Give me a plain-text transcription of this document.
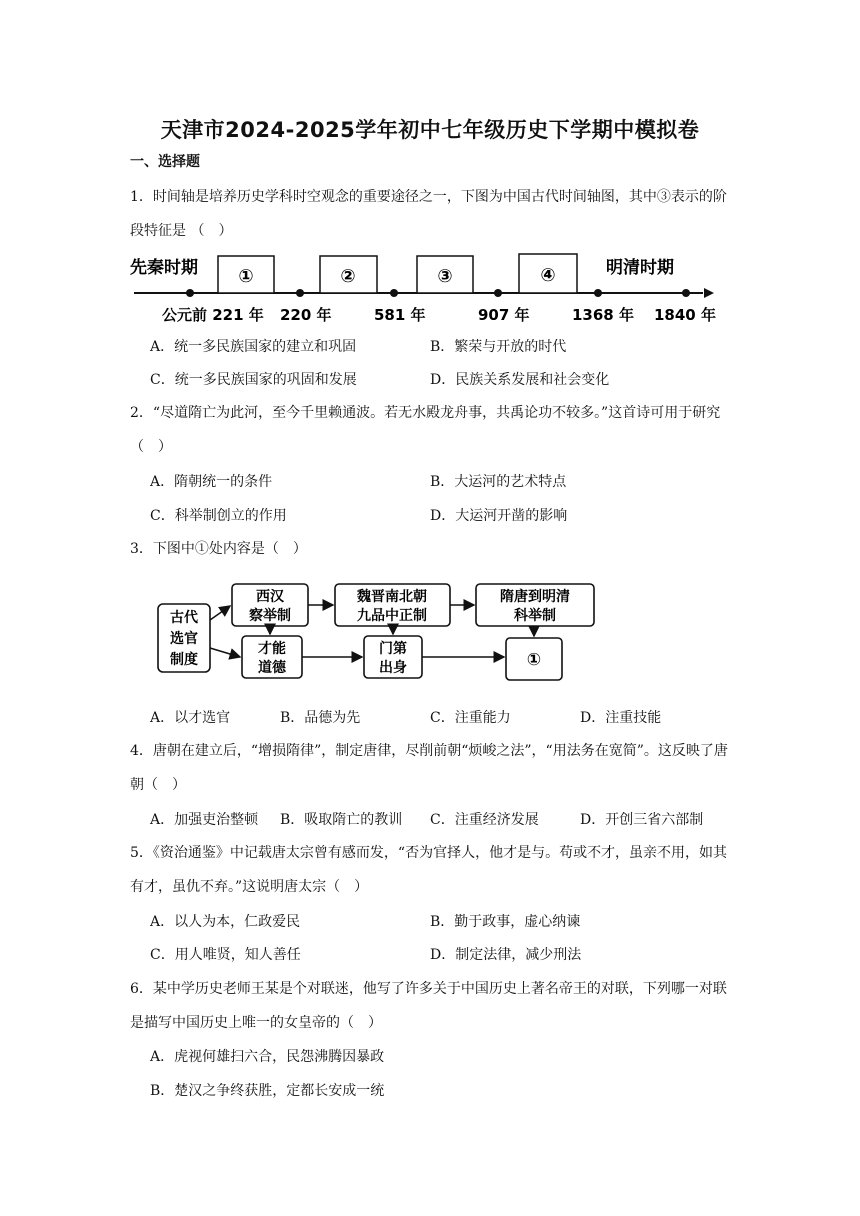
天津市2024-2025学年初中七年级历史下学期中模拟卷
一、选择题
1．时间轴是培养历史学科时空观念的重要途径之一，下图为中国古代时间轴图，其中③表示的阶段特征是 （　）
先秦时期	明清时期
①	②	③	④
公元前 221 年 220 年	581 年	907 年	1368 年 1840 年
A．统一多民族国家的建立和巩固	B．繁荣与开放的时代
C．统一多民族国家的巩固和发展	D．民族关系发展和社会变化
2．“尽道隋亡为此河，至今千里赖通波。若无水殿龙舟事，共禹论功不较多。”这首诗可用于研究（　）
A．隋朝统一的条件	B．大运河的艺术特点
C．科举制创立的作用	D．大运河开凿的影响
3．下图中①处内容是（　）
古代
选官
制度
西汉
察举制
魏晋南北朝
九品中正制
隋唐到明清
科举制
才能
道德
门第
出身	①
A．以才选官	B．品德为先	C．注重能力	D．注重技能
4．唐朝在建立后，“增损隋律”，制定唐律，尽削前朝“烦峻之法”，“用法务在宽简”。这反映了唐朝（　）
A．加强吏治整顿 B．吸取隋亡的教训 C．注重经济发展	D．开创三省六部制
5．《资治通鉴》中记载唐太宗曾有感而发，“否为官择人，他才是与。苟或不才，虽亲不用，如其有才，虽仇不弃。”这说明唐太宗（　）
A．以人为本，仁政爱民	B．勤于政事，虚心纳谏
C．用人唯贤，知人善任	D．制定法律，减少刑法
6．某中学历史老师王某是个对联迷，他写了许多关于中国历史上著名帝王的对联，下列哪一对联是描写中国历史上唯一的女皇帝的（　）
A．虎视何雄扫六合，民怨沸腾因暴政
B．楚汉之争终获胜，定都长安成一统
